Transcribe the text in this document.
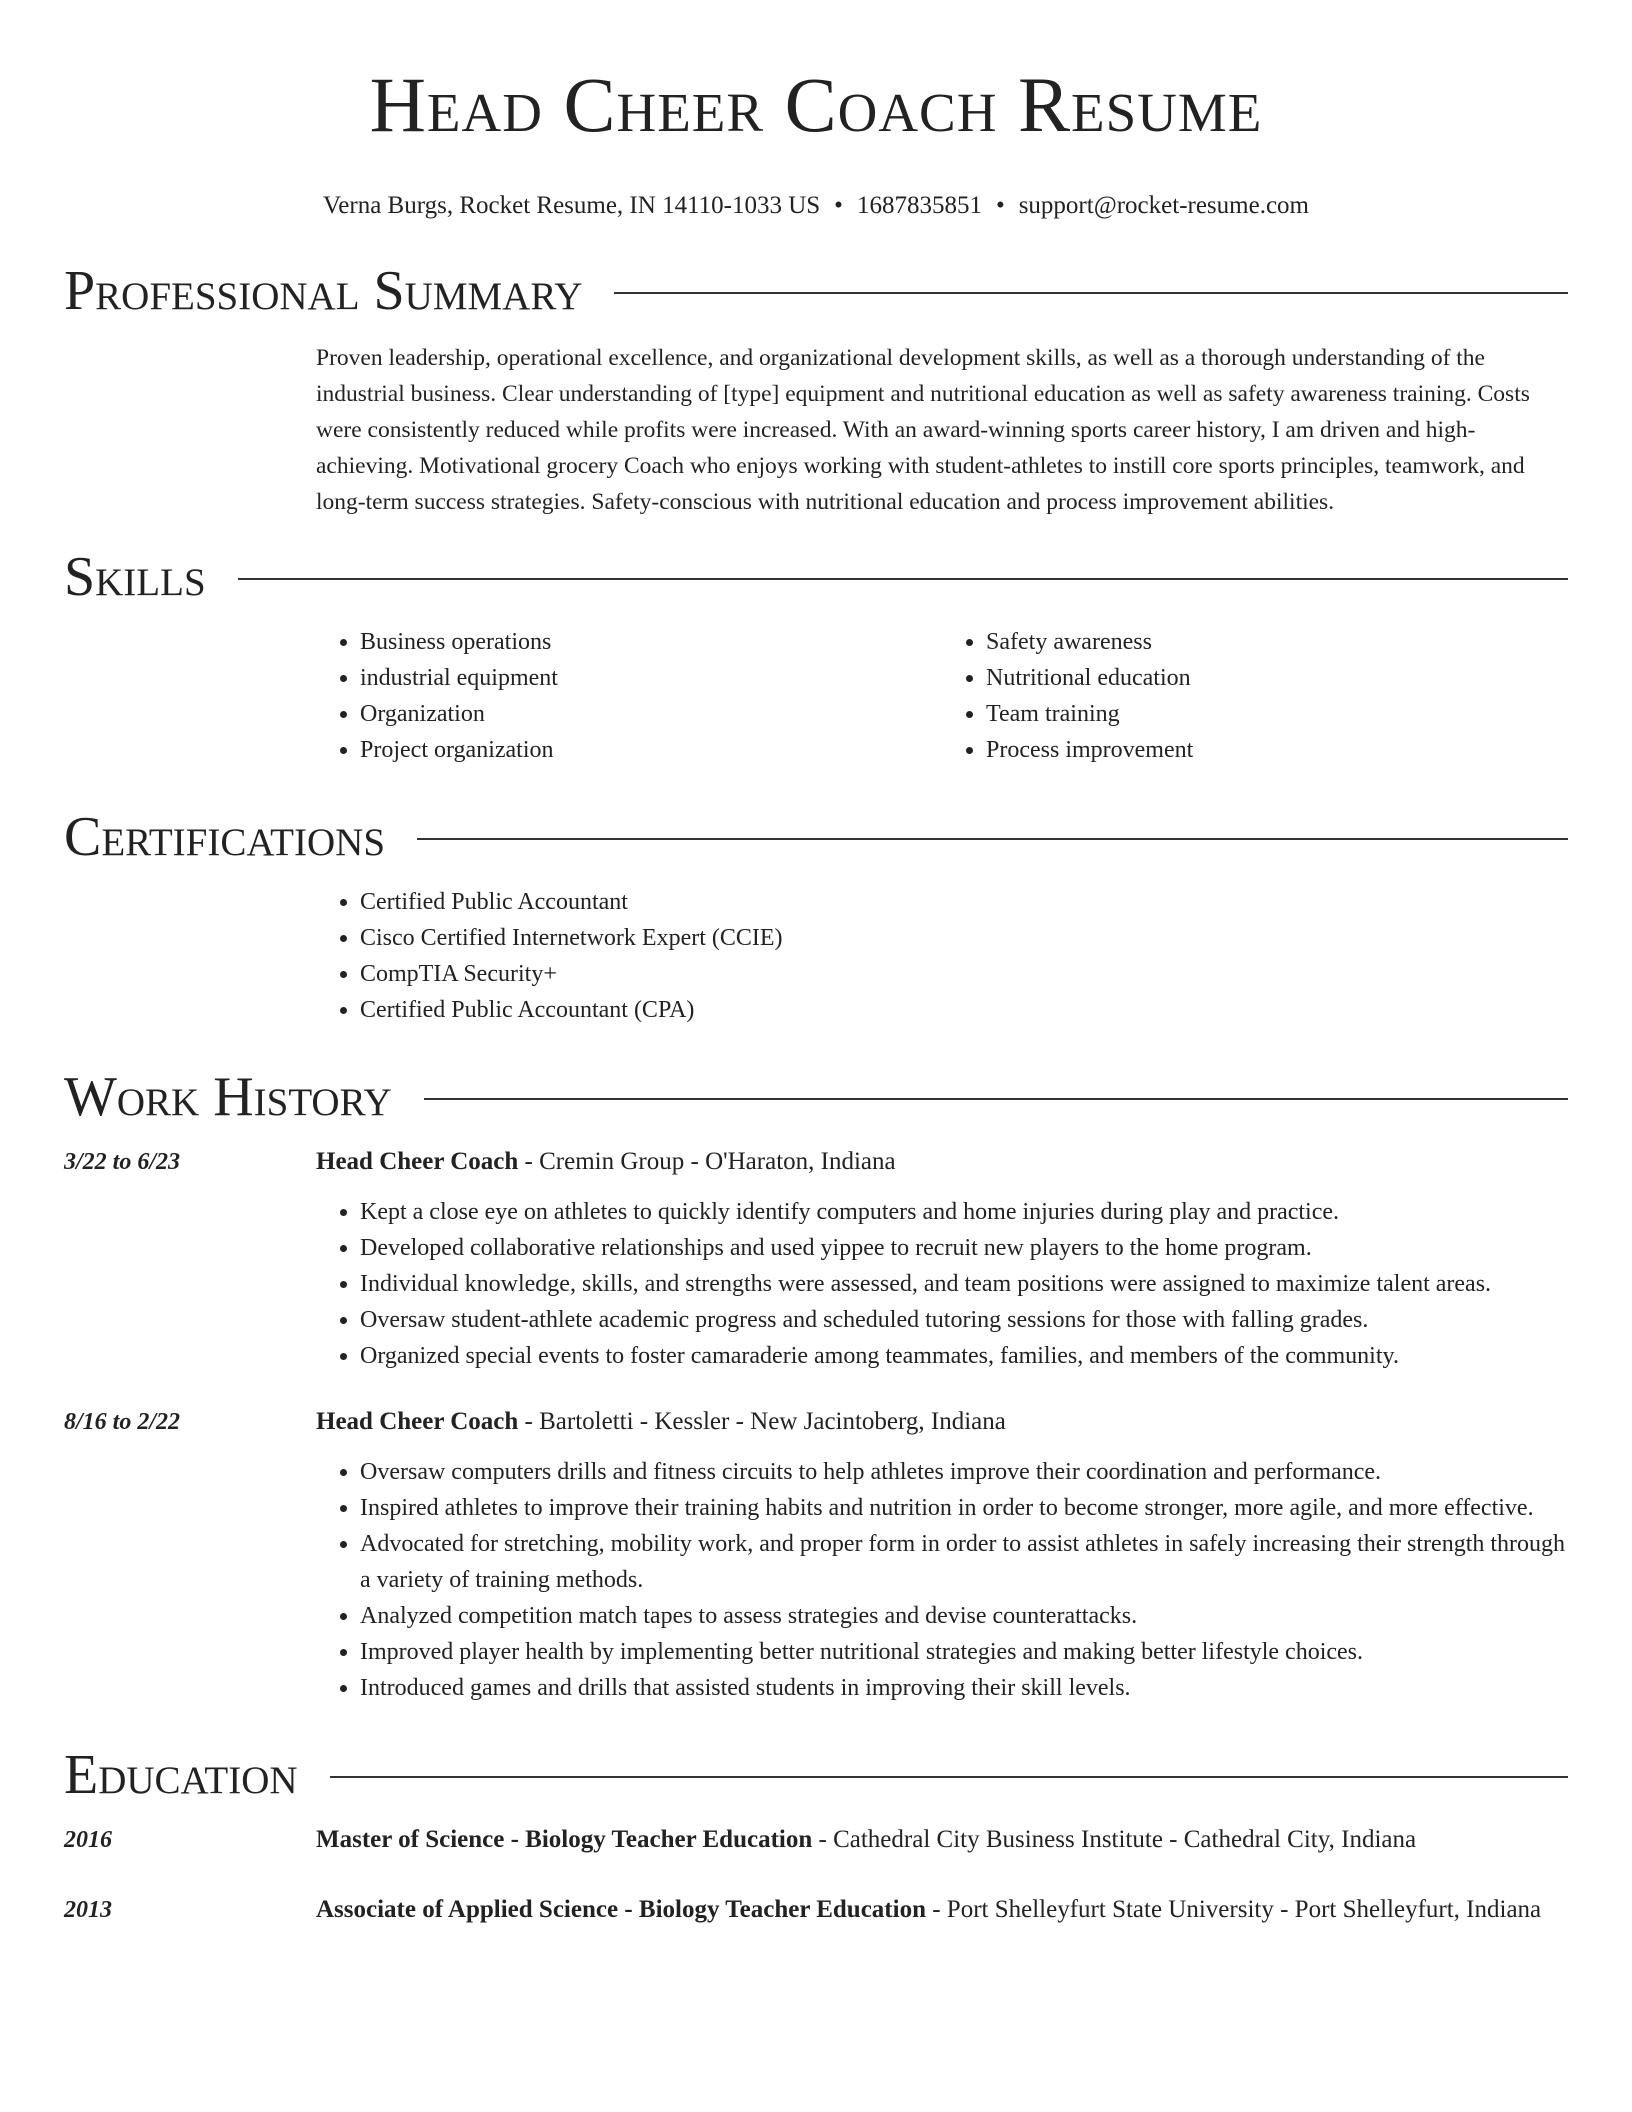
Head Cheer Coach Resume
Verna Burgs, Rocket Resume, IN 14110-1033 US • 1687835851 • support@rocket-resume.com
Professional Summary

Proven leadership, operational excellence, and organizational development skills, as well as a thorough understanding of the industrial business. Clear understanding of [type] equipment and nutritional education as well as safety awareness training. Costs were consistently reduced while profits were increased. With an award-winning sports career history, I am driven and high-achieving. Motivational grocery Coach who enjoys working with student-athletes to instill core sports principles, teamwork, and long-term success strategies. Safety-conscious with nutritional education and process improvement abilities.

Skills
• Business operations
• industrial equipment
• Organization
• Project organization
• Safety awareness
• Nutritional education
• Team training
• Process improvement
Certifications
• Certified Public Accountant
• Cisco Certified Internetwork Expert (CCIE)
• CompTIA Security+
• Certified Public Accountant (CPA)
Work History
3/22 to 6/23	Head Cheer Coach - Cremin Group - O'Haraton, Indiana
• Kept a close eye on athletes to quickly identify computers and home injuries during play and practice.
• Developed collaborative relationships and used yippee to recruit new players to the home program.
• Individual knowledge, skills, and strengths were assessed, and team positions were assigned to maximize talent areas.
• Oversaw student-athlete academic progress and scheduled tutoring sessions for those with falling grades.
• Organized special events to foster camaraderie among teammates, families, and members of the community.
8/16 to 2/22	Head Cheer Coach - Bartoletti - Kessler - New Jacintoberg, Indiana
• Oversaw computers drills and fitness circuits to help athletes improve their coordination and performance.
• Inspired athletes to improve their training habits and nutrition in order to become stronger, more agile, and more effective.
• Advocated for stretching, mobility work, and proper form in order to assist athletes in safely increasing their strength through a variety of training methods.
• Analyzed competition match tapes to assess strategies and devise counterattacks.
• Improved player health by implementing better nutritional strategies and making better lifestyle choices.
• Introduced games and drills that assisted students in improving their skill levels.
Education
2016	Master of Science - Biology Teacher Education - Cathedral City Business Institute - Cathedral City, Indiana
2013	Associate of Applied Science - Biology Teacher Education - Port Shelleyfurt State University - Port Shelleyfurt, Indiana
